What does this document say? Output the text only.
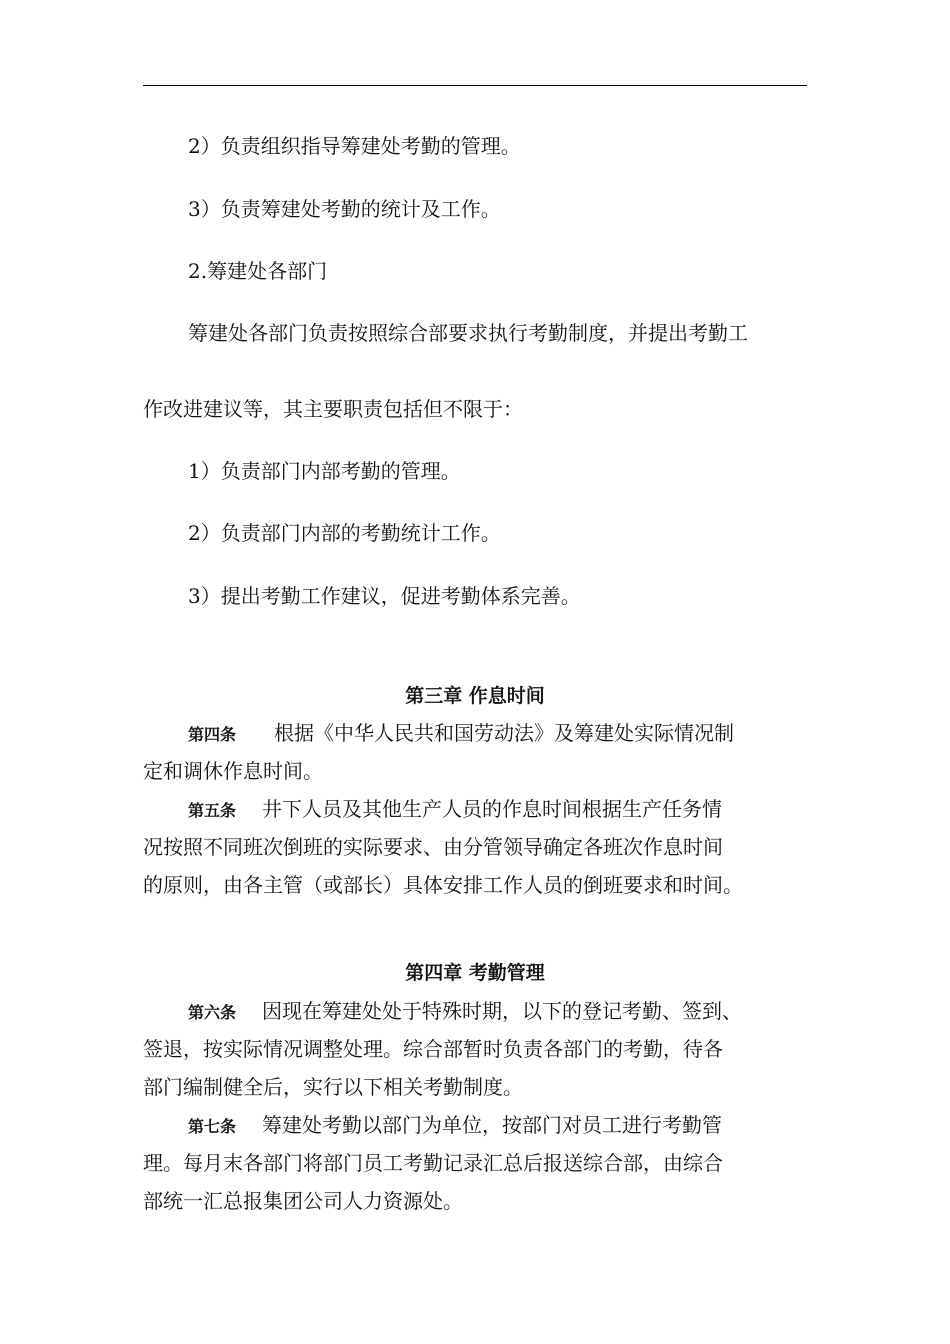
2）负责组织指导筹建处考勤的管理。
3）负责筹建处考勤的统计及工作。
2.筹建处各部门
筹建处各部门负责按照综合部要求执行考勤制度，并提出考勤工
作改进建议等，其主要职责包括但不限于：
1）负责部门内部考勤的管理。
2）负责部门内部的考勤统计工作。
3）提出考勤工作建议，促进考勤体系完善。
第三章 作息时间
第四条 根据《中华人民共和国劳动法》及筹建处实际情况制
定和调休作息时间。
第五条 井下人员及其他生产人员的作息时间根据生产任务情
况按照不同班次倒班的实际要求、由分管领导确定各班次作息时间
的原则，由各主管（或部长）具体安排工作人员的倒班要求和时间。
第四章 考勤管理
第六条 因现在筹建处处于特殊时期，以下的登记考勤、签到、
签退，按实际情况调整处理。综合部暂时负责各部门的考勤，待各
部门编制健全后，实行以下相关考勤制度。
第七条 筹建处考勤以部门为单位，按部门对员工进行考勤管
理。每月末各部门将部门员工考勤记录汇总后报送综合部，由综合
部统一汇总报集团公司人力资源处。
